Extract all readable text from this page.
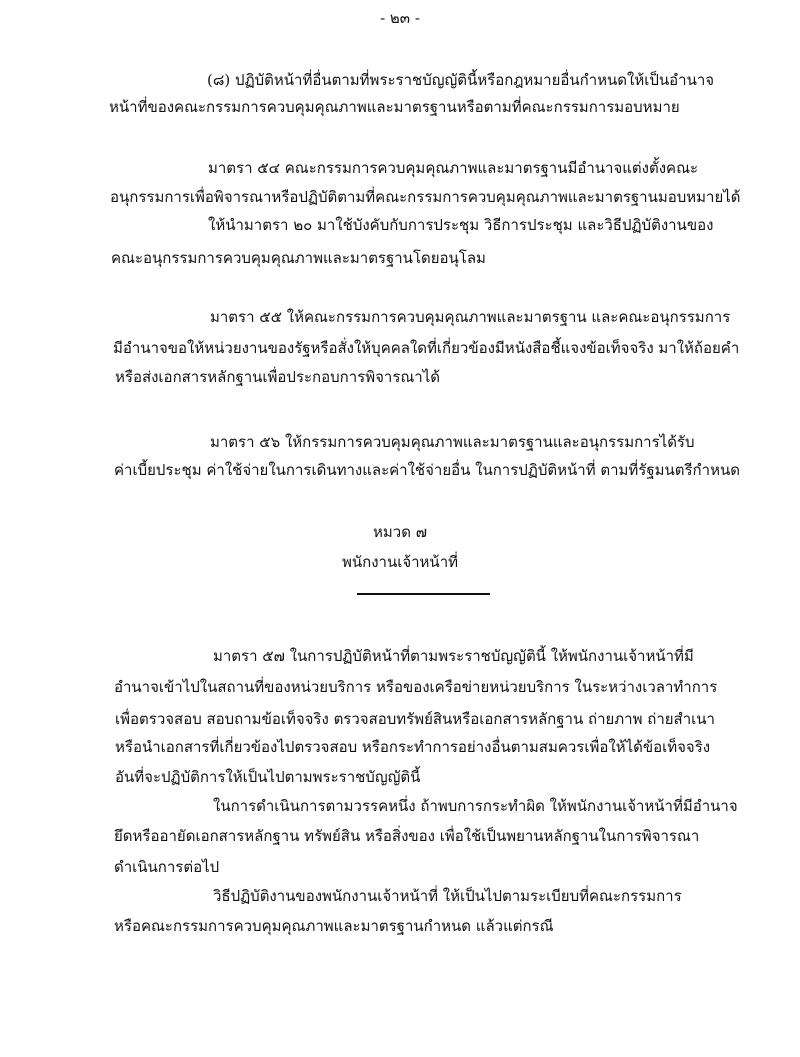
- ๒๓ -
(๘) ปฏิบัติหน้าที่อื่นตามที่พระราชบัญญัตินี้หรือกฎหมายอื่นกำหนดให้เป็นอำนาจ
หน้าที่ของคณะกรรมการควบคุมคุณภาพและมาตรฐานหรือตามที่คณะกรรมการมอบหมาย
มาตรา ๕๔ คณะกรรมการควบคุมคุณภาพและมาตรฐานมีอำนาจแต่งตั้งคณะ
อนุกรรมการเพื่อพิจารณาหรือปฏิบัติตามที่คณะกรรมการควบคุมคุณภาพและมาตรฐานมอบหมายได้
ให้นำมาตรา ๒๐ มาใช้บังคับกับการประชุม วิธีการประชุม และวิธีปฏิบัติงานของ
คณะอนุกรรมการควบคุมคุณภาพและมาตรฐานโดยอนุโลม
มาตรา ๕๕ ให้คณะกรรมการควบคุมคุณภาพและมาตรฐาน และคณะอนุกรรมการ
มีอำนาจขอให้หน่วยงานของรัฐหรือสั่งให้บุคคลใดที่เกี่ยวข้องมีหนังสือชี้แจงข้อเท็จจริง มาให้ถ้อยคำ
หรือส่งเอกสารหลักฐานเพื่อประกอบการพิจารณาได้
มาตรา ๕๖ ให้กรรมการควบคุมคุณภาพและมาตรฐานและอนุกรรมการได้รับ
ค่าเบี้ยประชุม ค่าใช้จ่ายในการเดินทางและค่าใช้จ่ายอื่น ในการปฏิบัติหน้าที่ ตามที่รัฐมนตรีกำหนด
หมวด ๗
พนักงานเจ้าหน้าที่
มาตรา ๕๗ ในการปฏิบัติหน้าที่ตามพระราชบัญญัตินี้ ให้พนักงานเจ้าหน้าที่มี
อำนาจเข้าไปในสถานที่ของหน่วยบริการ หรือของเครือข่ายหน่วยบริการ ในระหว่างเวลาทำการ
เพื่อตรวจสอบ สอบถามข้อเท็จจริง ตรวจสอบทรัพย์สินหรือเอกสารหลักฐาน ถ่ายภาพ ถ่ายสำเนา
หรือนำเอกสารที่เกี่ยวข้องไปตรวจสอบ หรือกระทำการอย่างอื่นตามสมควรเพื่อให้ได้ข้อเท็จจริง
อันที่จะปฏิบัติการให้เป็นไปตามพระราชบัญญัตินี้
ในการดำเนินการตามวรรคหนึ่ง ถ้าพบการกระทำผิด ให้พนักงานเจ้าหน้าที่มีอำนาจ
ยึดหรืออายัดเอกสารหลักฐาน ทรัพย์สิน หรือสิ่งของ เพื่อใช้เป็นพยานหลักฐานในการพิจารณา
ดำเนินการต่อไป
วิธีปฏิบัติงานของพนักงานเจ้าหน้าที่ ให้เป็นไปตามระเบียบที่คณะกรรมการ
หรือคณะกรรมการควบคุมคุณภาพและมาตรฐานกำหนด แล้วแต่กรณี
